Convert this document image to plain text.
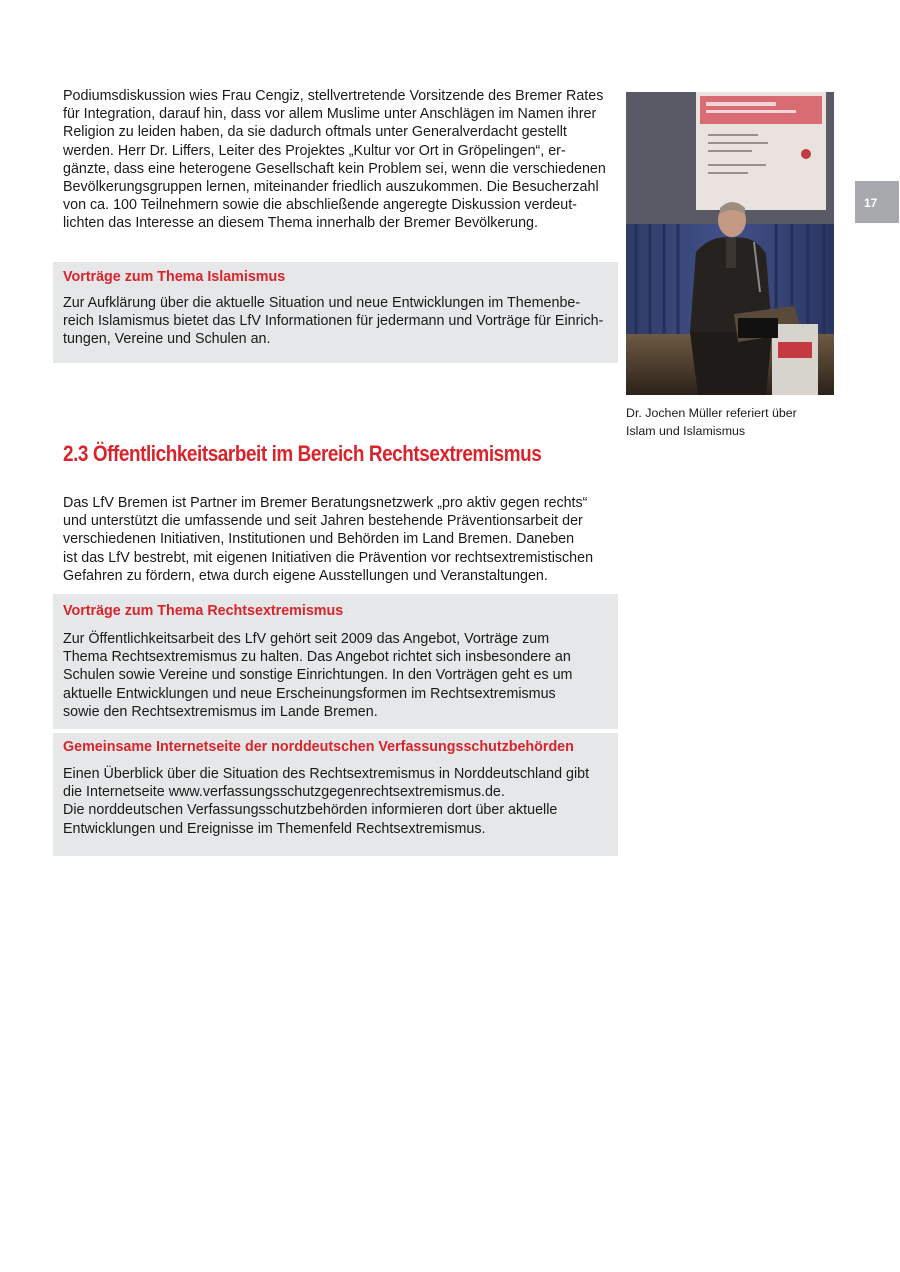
Podiumsdiskussion wies Frau Cengiz, stellvertretende Vorsitzende des Bremer Rates
für Integration, darauf hin, dass vor allem Muslime unter Anschlägen im Namen ihrer
Religion zu leiden haben, da sie dadurch oftmals unter Generalverdacht gestellt
werden. Herr Dr. Liffers, Leiter des Projektes „Kultur vor Ort in Gröpelingen“, er-
gänzte, dass eine heterogene Gesellschaft kein Problem sei, wenn die verschiedenen
Bevölkerungsgruppen lernen, miteinander friedlich auszukommen. Die Besucherzahl
von ca. 100 Teilnehmern sowie die abschließende angeregte Diskussion verdeut-
lichten das Interesse an diesem Thema innerhalb der Bremer Bevölkerung.
Vorträge zum Thema Islamismus
Zur Aufklärung über die aktuelle Situation und neue Entwicklungen im Themenbe-
reich Islamismus bietet das LfV Informationen für jedermann und Vorträge für Einrich-
tungen, Vereine und Schulen an.
17
Dr. Jochen Müller referiert über
Islam und Islamismus
2.3 Öffentlichkeitsarbeit im Bereich Rechtsextremismus
Das LfV Bremen ist Partner im Bremer Beratungsnetzwerk „pro aktiv gegen rechts“
und unterstützt die umfassende und seit Jahren bestehende Präventionsarbeit der
verschiedenen Initiativen, Institutionen und Behörden im Land Bremen. Daneben
ist das LfV bestrebt, mit eigenen Initiativen die Prävention vor rechtsextremistischen
Gefahren zu fördern, etwa durch eigene Ausstellungen und Veranstaltungen.
Vorträge zum Thema Rechtsextremismus
Zur Öffentlichkeitsarbeit des LfV gehört seit 2009 das Angebot, Vorträge zum
Thema Rechtsextremismus zu halten. Das Angebot richtet sich insbesondere an
Schulen sowie Vereine und sonstige Einrichtungen. In den Vorträgen geht es um
aktuelle Entwicklungen und neue Erscheinungsformen im Rechtsextremismus
sowie den Rechtsextremismus im Lande Bremen.
Gemeinsame Internetseite der norddeutschen Verfassungsschutzbehörden
Einen Überblick über die Situation des Rechtsextremismus in Norddeutschland gibt
die Internetseite www.verfassungsschutzgegenrechtsextremismus.de.
Die norddeutschen Verfassungsschutzbehörden informieren dort über aktuelle
Entwicklungen und Ereignisse im Themenfeld Rechtsextremismus.
